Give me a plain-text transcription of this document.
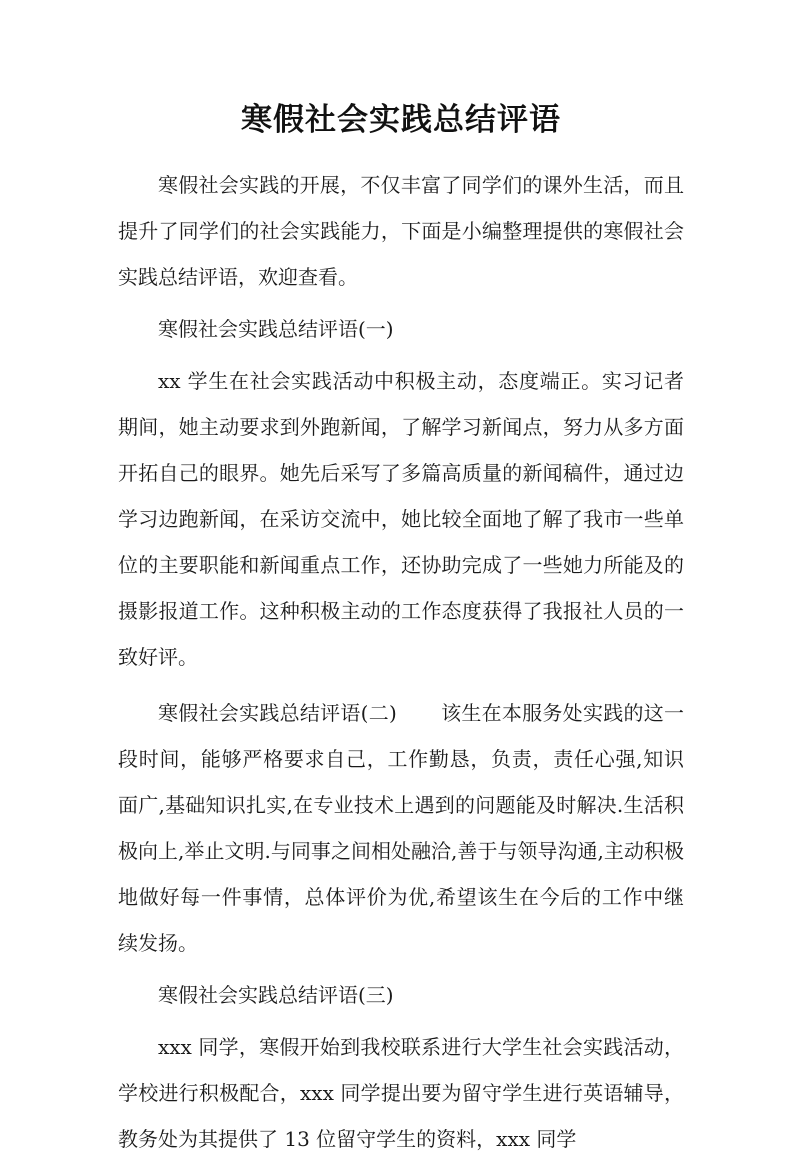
寒假社会实践总结评语

寒假社会实践的开展，不仅丰富了同学们的课外生活，而且提升了同学们的社会实践能力，下面是小编整理提供的寒假社会实践总结评语，欢迎查看。

寒假社会实践总结评语(一)

xx 学生在社会实践活动中积极主动，态度端正。实习记者期间，她主动要求到外跑新闻，了解学习新闻点，努力从多方面开拓自己的眼界。她先后采写了多篇高质量的新闻稿件，通过边学习边跑新闻，在采访交流中，她比较全面地了解了我市一些单位的主要职能和新闻重点工作，还协助完成了一些她力所能及的摄影报道工作。这种积极主动的工作态度获得了我报社人员的一致好评。

寒假社会实践总结评语(二) 该生在本服务处实践的这一段时间，能够严格要求自己，工作勤恳，负责，责任心强,知识面广,基础知识扎实,在专业技术上遇到的问题能及时解决.生活积极向上,举止文明.与同事之间相处融洽,善于与领导沟通,主动积极地做好每一件事情，总体评价为优,希望该生在今后的工作中继续发扬。

寒假社会实践总结评语(三)

xxx 同学，寒假开始到我校联系进行大学生社会实践活动，学校进行积极配合，xxx 同学提出要为留守学生进行英语辅导，教务处为其提供了 13 位留守学生的资料，xxx 同学
